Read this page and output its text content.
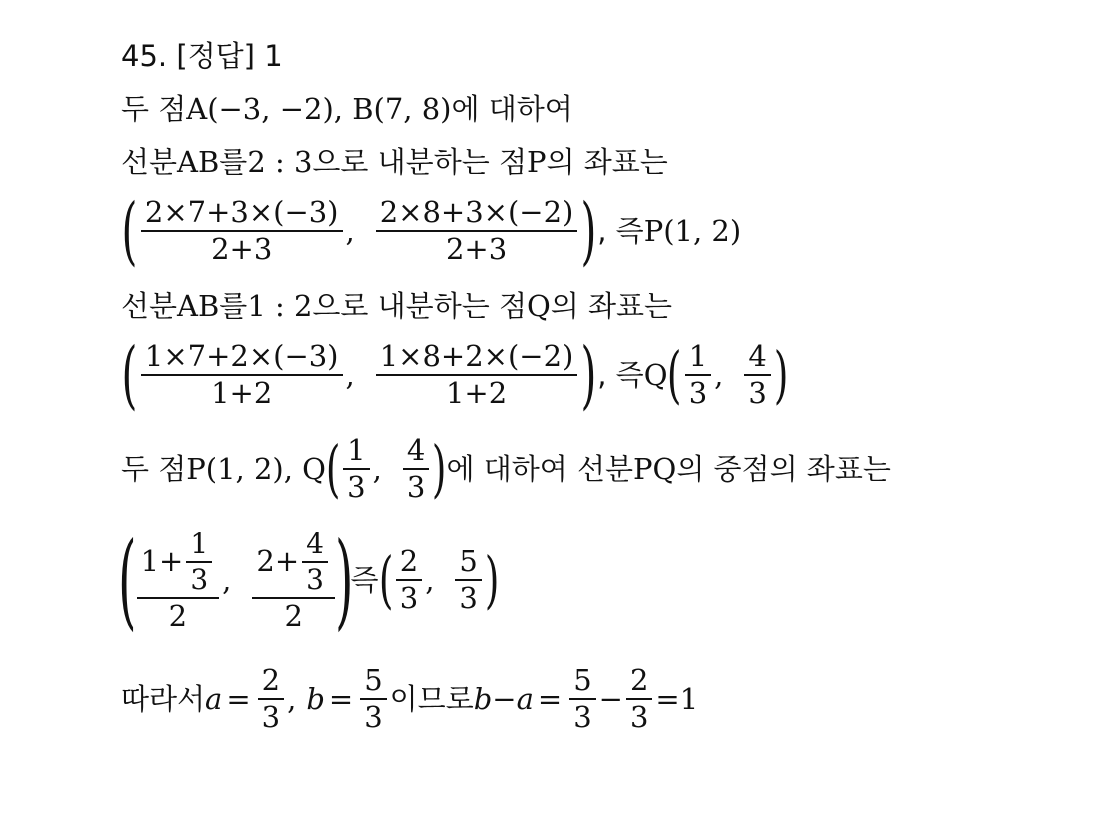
45. [정답] 1
두 점 A(−3, −2), B(7, 8) 에 대하여
선분 AB 를 2 : 3 으로 내분하는 점 P 의 좌표는
( $\frac{2\times 7+3\times(-3)}{2+3}$ , $\frac{2\times 8+3\times(-2)}{2+3}$ ) , 즉 P(1, 2)
선분 AB 를 1 : 2 으로 내분하는 점 Q 의 좌표는
( $\frac{1\times 7+2\times(-3)}{1+2}$ , $\frac{1\times 8+2\times(-2)}{1+2}$ ) , 즉 Q ( $\frac{1}{3}$ , $\frac{4}{3}$ )
두 점 P(1, 2), Q ( $\frac{1}{3}$ , $\frac{4}{3}$ ) 에 대하여 선분 PQ 의 중점의 좌표는
( $\frac{1+ \frac{1}{3}}{2}$ , $\frac{2+ \frac{4}{3}}{2}$ )
즉 ( $\frac{2}{3}$ , $\frac{5}{3}$ )
따라서 $a = \frac{2}{3}$ , $b = \frac{5}{3}$ 이므로 $b-a = \frac{5}{3} - \frac{2}{3} =1$
